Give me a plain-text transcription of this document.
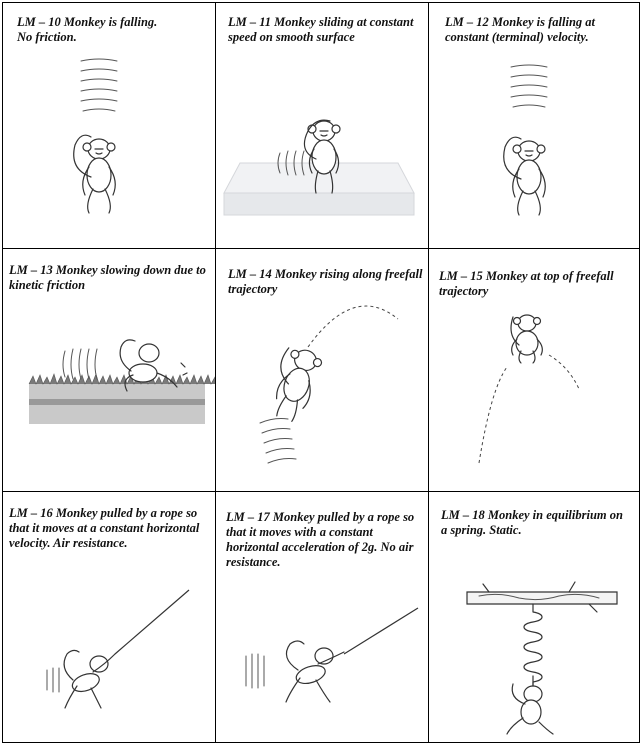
LM – 10 Monkey is falling.
No friction.

LM – 11 Monkey sliding at constant speed on smooth surface

LM – 12 Monkey is falling at constant (terminal) velocity.

LM – 13 Monkey slowing down due to kinetic friction

LM – 14 Monkey rising along freefall trajectory

LM – 15 Monkey at top of freefall trajectory

LM – 16 Monkey pulled by a rope so that it moves at a constant horizontal velocity. Air resistance.

LM – 17 Monkey pulled by a rope so that it moves with a constant horizontal acceleration of 2g. No air resistance.

LM – 18 Monkey in equilibrium on a spring. Static.
